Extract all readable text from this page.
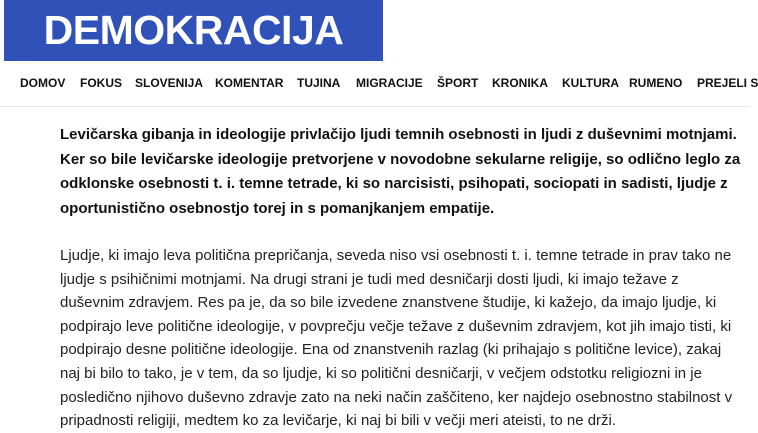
DEMOKRACIJA
DOMOV FOKUS SLOVENIJA KOMENTAR TUJINA MIGRACIJE ŠPORT KRONIKA KULTURA RUMENO PREJELI S

Levičarska gibanja in ideologije privlačijo ljudi temnih osebnosti in ljudi z duševnimi motnjami. Ker so bile levičarske ideologije pretvorjene v novodobne sekularne religije, so odlično leglo za odklonske osebnosti t. i. temne tetrade, ki so narcisisti, psihopati, sociopati in sadisti, ljudje z oportunistično osebnostjo torej in s pomanjkanjem empatije.

Ljudje, ki imajo leva politična prepričanja, seveda niso vsi osebnosti t. i. temne tetrade in prav tako ne ljudje s psihičnimi motnjami. Na drugi strani je tudi med desničarji dosti ljudi, ki imajo težave z duševnim zdravjem. Res pa je, da so bile izvedene znanstvene študije, ki kažejo, da imajo ljudje, ki podpirajo leve politične ideologije, v povprečju večje težave z duševnim zdravjem, kot jih imajo tisti, ki podpirajo desne politične ideologije. Ena od znanstvenih razlag (ki prihajajo s politične levice), zakaj naj bi bilo to tako, je v tem, da so ljudje, ki so politični desničarji, v večjem odstotku religiozni in je posledično njihovo duševno zdravje zato na neki način zaščiteno, ker najdejo osebnostno stabilnost v pripadnosti religiji, medtem ko za levičarje, ki naj bi bili v večji meri ateisti, to ne drži.
